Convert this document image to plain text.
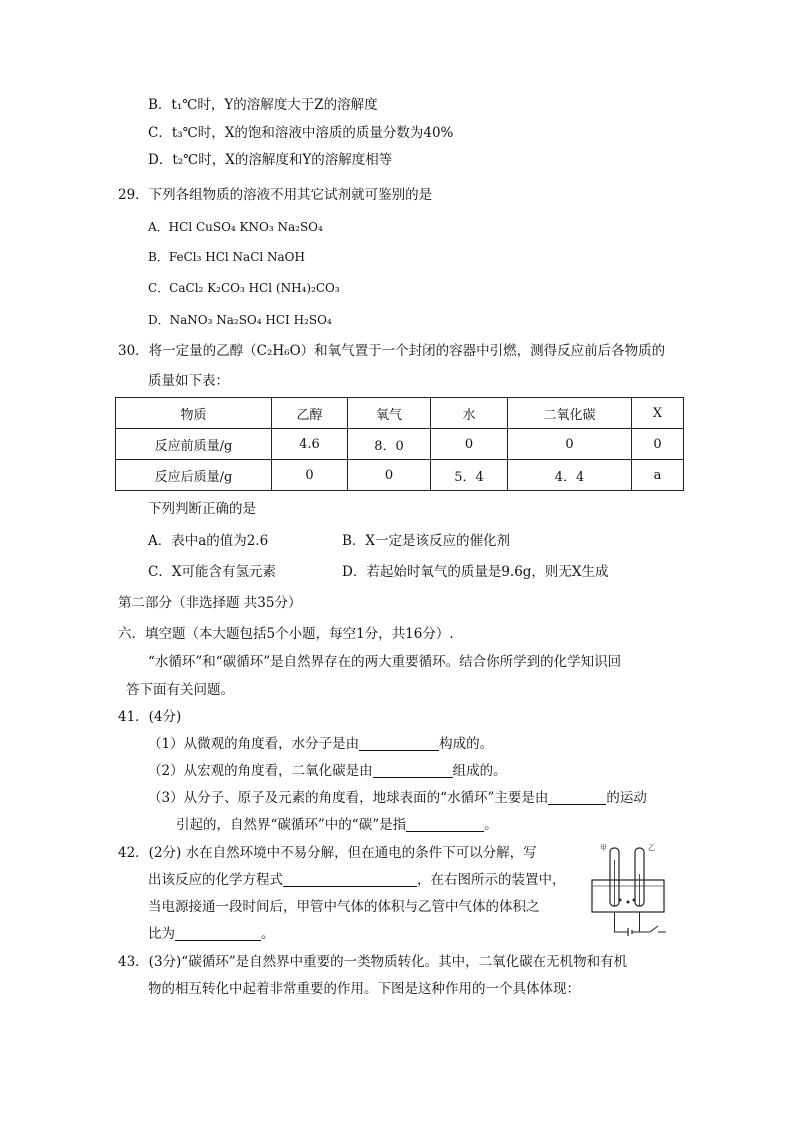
B．t₁℃时，Y的溶解度大于Z的溶解度
C．t₃℃时，X的饱和溶液中溶质的质量分数为40%
D．t₂℃时，X的溶解度和Y的溶解度相等
29．下列各组物质的溶液不用其它试剂就可鉴别的是
A．HCl CuSO₄ KNO₃ Na₂SO₄
B．FeCl₃ HCl NaCl NaOH
C．CaCl₂ K₂CO₃ HCl (NH₄)₂CO₃
D．NaNO₃ Na₂SO₄ HCI H₂SO₄
30．将一定量的乙醇（C₂H₆O）和氧气置于一个封闭的容器中引燃，测得反应前后各物质的
质量如下表：
物质	乙醇	氧气	水	二氧化碳	X
反应前质量/g	4.6	8．0	0	0	0
反应后质量/g	0	0	5．4	4．4	a
下列判断正确的是
A．表中a的值为2.6	B．X一定是该反应的催化剂
C．X可能含有氢元素	D．若起始时氧气的质量是9.6g，则无X生成
第二部分（非选择题 共35分）
六．填空题（本大题包括5个小题，每空1分，共16分）.
“水循环”和“碳循环”是自然界存在的两大重要循环。结合你所学到的化学知识回
答下面有关问题。
41．(4分)
（1）从微观的角度看，水分子是由	构成的。
（2）从宏观的角度看，二氧化碳是由	组成的。
（3）从分子、原子及元素的角度看，地球表面的“水循环”主要是由	的运动
引起的，自然界“碳循环”中的“碳”是指	。
42．(2分) 水在自然环境中不易分解，但在通电的条件下可以分解，写
出该反应的化学方程式	，在右图所示的装置中，
当电源接通一段时间后，甲管中气体的体积与乙管中气体的体积之
比为	。
甲	乙
43．(3分)“碳循环”是自然界中重要的一类物质转化。其中，二氧化碳在无机物和有机
物的相互转化中起着非常重要的作用。下图是这种作用的一个具体体现：
